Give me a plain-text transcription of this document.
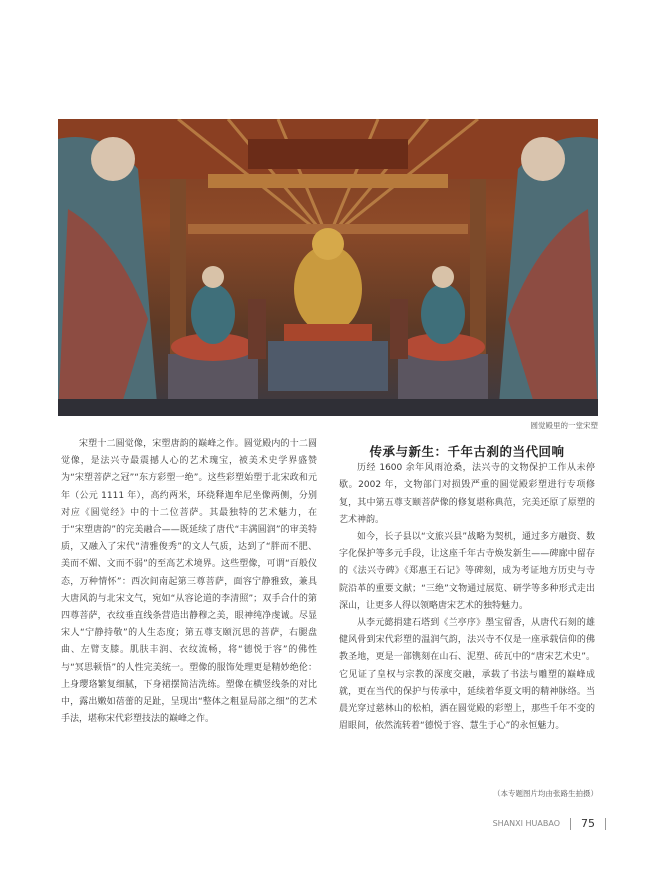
圆觉殿里的一堂宋塑

宋塑十二圆觉像，宋塑唐韵的巅峰之作。圆觉殿内的十二圆觉像，是法兴寺最震撼人心的艺术瑰宝，被美术史学界盛赞为“宋塑菩萨之冠”“东方彩塑一绝”。这些彩塑始塑于北宋政和元年（公元 1111 年），高约两米，环绕释迦牟尼坐像两侧，分别对应《圆觉经》中的十二位菩萨。其最独特的艺术魅力，在于“宋塑唐韵”的完美融合——既延续了唐代“丰满圆润”的审美特质，又融入了宋代“清雅俊秀”的文人气质，达到了“胖而不肥、美而不媚、文而不弱”的至高艺术境界。这些塑像，可谓“百般仪态，万种情怀”：西次间南起第三尊菩萨，面容宁静雅致，兼具大唐风韵与北宋文气，宛如“从容论道的李清照”；双手合什的第四尊菩萨，衣纹垂直线条营造出静穆之美，眼神纯净虔诚。尽显宋人“宁静持敬”的人生态度；第五尊支颐沉思的菩萨，右腿盘曲、左臂支膝。肌肤丰润、衣纹流畅，将“德悦于容”的佛性与“冥思顿悟”的人性完美统一。塑像的服饰处理更是精妙绝伦：上身璎珞繁复细腻，下身裙摆简洁洗练。塑像在横竖线条的对比中，露出嫩如蓓蕾的足趾，呈现出“整体之粗显局部之细”的艺术手法，堪称宋代彩塑技法的巅峰之作。

传承与新生：千年古刹的当代回响

历经 1600 余年风雨沧桑，法兴寺的文物保护工作从未停歇。2002 年，文物部门对损毁严重的圆觉殿彩塑进行专项修复，其中第五尊支颐菩萨像的修复堪称典范，完美还原了原塑的艺术神韵。

如今，长子县以“文旅兴县”战略为契机，通过多方融资、数字化保护等多元手段，让这座千年古寺焕发新生——碑廊中留存的《法兴寺碑》《郑惠王石记》等碑刻，成为考证地方历史与寺院沿革的重要文献；“三绝”文物通过展览、研学等多种形式走出深山，让更多人得以领略唐宋艺术的独特魅力。

从李元懿捐建石塔到《兰亭序》墨宝留香，从唐代石刻的雄健风骨到宋代彩塑的温润气韵，法兴寺不仅是一座承载信仰的佛教圣地，更是一部镌刻在山石、泥塑、砖瓦中的“唐宋艺术史”。它见证了皇权与宗教的深度交融，承载了书法与雕塑的巅峰成就，更在当代的保护与传承中，延续着华夏文明的精神脉络。当晨光穿过慈林山的松柏，洒在圆觉殿的彩塑上，那些千年不变的眉眼间，依然流转着“德悦于容、慧生于心”的永恒魅力。

（本专题图片均由张路生拍摄）
SHANXI HUABAO 75
